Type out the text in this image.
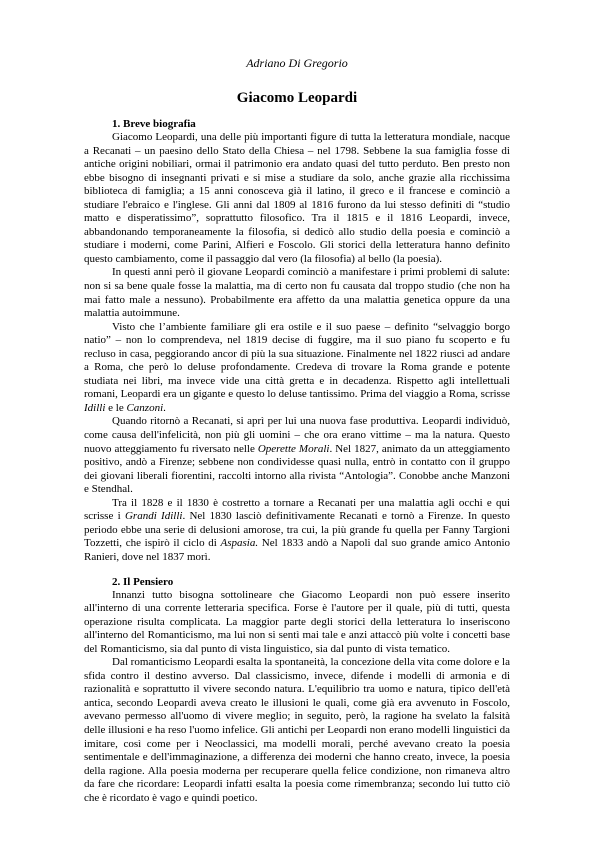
Adriano Di Gregorio

Giacomo Leopardi
1. Breve biografia

Giacomo Leopardi, una delle più importanti figure di tutta la letteratura mondiale, nacque a Recanati – un paesino dello Stato della Chiesa – nel 1798. Sebbene la sua famiglia fosse di antiche origini nobiliari, ormai il patrimonio era andato quasi del tutto perduto. Ben presto non ebbe bisogno di insegnanti privati e si mise a studiare da solo, anche grazie alla ricchissima biblioteca di famiglia; a 15 anni conosceva già il latino, il greco e il francese e cominciò a studiare l'ebraico e l'inglese. Gli anni dal 1809 al 1816 furono da lui stesso definiti di “studio matto e disperatissimo”, soprattutto filosofico. Tra il 1815 e il 1816 Leopardi, invece, abbandonando temporaneamente la filosofia, si dedicò allo studio della poesia e cominciò a studiare i moderni, come Parini, Alfieri e Foscolo. Gli storici della letteratura hanno definito questo cambiamento, come il passaggio dal vero (la filosofia) al bello (la poesia).

In questi anni però il giovane Leopardi cominciò a manifestare i primi problemi di salute: non si sa bene quale fosse la malattia, ma di certo non fu causata dal troppo studio (che non ha mai fatto male a nessuno). Probabilmente era affetto da una malattia genetica oppure da una malattia autoimmune.

Visto che l’ambiente familiare gli era ostile e il suo paese – definito “selvaggio borgo natio” – non lo comprendeva, nel 1819 decise di fuggire, ma il suo piano fu scoperto e fu recluso in casa, peggiorando ancor di più la sua situazione. Finalmente nel 1822 riuscì ad andare a Roma, che però lo deluse profondamente. Credeva di trovare la Roma grande e potente studiata nei libri, ma invece vide una città gretta e in decadenza. Rispetto agli intellettuali romani, Leopardi era un gigante e questo lo deluse tantissimo. Prima del viaggio a Roma, scrisse Idilli e le Canzoni.

Quando ritornò a Recanati, si aprì per lui una nuova fase produttiva. Leopardi individuò, come causa dell'infelicità, non più gli uomini – che ora erano vittime – ma la natura. Questo nuovo atteggiamento fu riversato nelle Operette Morali. Nel 1827, animato da un atteggiamento positivo, andò a Firenze; sebbene non condividesse quasi nulla, entrò in contatto con il gruppo dei giovani liberali fiorentini, raccolti intorno alla rivista “Antologia”. Conobbe anche Manzoni e Stendhal.

Tra il 1828 e il 1830 è costretto a tornare a Recanati per una malattia agli occhi e qui scrisse i Grandi Idilli. Nel 1830 lasciò definitivamente Recanati e tornò a Firenze. In questo periodo ebbe una serie di delusioni amorose, tra cui, la più grande fu quella per Fanny Targioni Tozzetti, che ispirò il ciclo di Aspasia. Nel 1833 andò a Napoli dal suo grande amico Antonio Ranieri, dove nel 1837 morì.

2. Il Pensiero

Innanzi tutto bisogna sottolineare che Giacomo Leopardi non può essere inserito all'interno di una corrente letteraria specifica. Forse è l'autore per il quale, più di tutti, questa operazione risulta complicata. La maggior parte degli storici della letteratura lo inseriscono all'interno del Romanticismo, ma lui non si sentì mai tale e anzi attaccò più volte i concetti base del Romanticismo, sia dal punto di vista linguistico, sia dal punto di vista tematico.

Dal romanticismo Leopardi esalta la spontaneità, la concezione della vita come dolore e la sfida contro il destino avverso. Dal classicismo, invece, difende i modelli di armonia e di razionalità e soprattutto il vivere secondo natura. L'equilibrio tra uomo e natura, tipico dell'età antica, secondo Leopardi aveva creato le illusioni le quali, come già era avvenuto in Foscolo, avevano permesso all'uomo di vivere meglio; in seguito, però, la ragione ha svelato la falsità delle illusioni e ha reso l'uomo infelice. Gli antichi per Leopardi non erano modelli linguistici da imitare, così come per i Neoclassici, ma modelli morali, perché avevano creato la poesia sentimentale e dell'immaginazione, a differenza dei moderni che hanno creato, invece, la poesia della ragione. Alla poesia moderna per recuperare quella felice condizione, non rimaneva altro da fare che ricordare: Leopardi infatti esalta la poesia come rimembranza; secondo lui tutto ciò che è ricordato è vago e quindi poetico.
